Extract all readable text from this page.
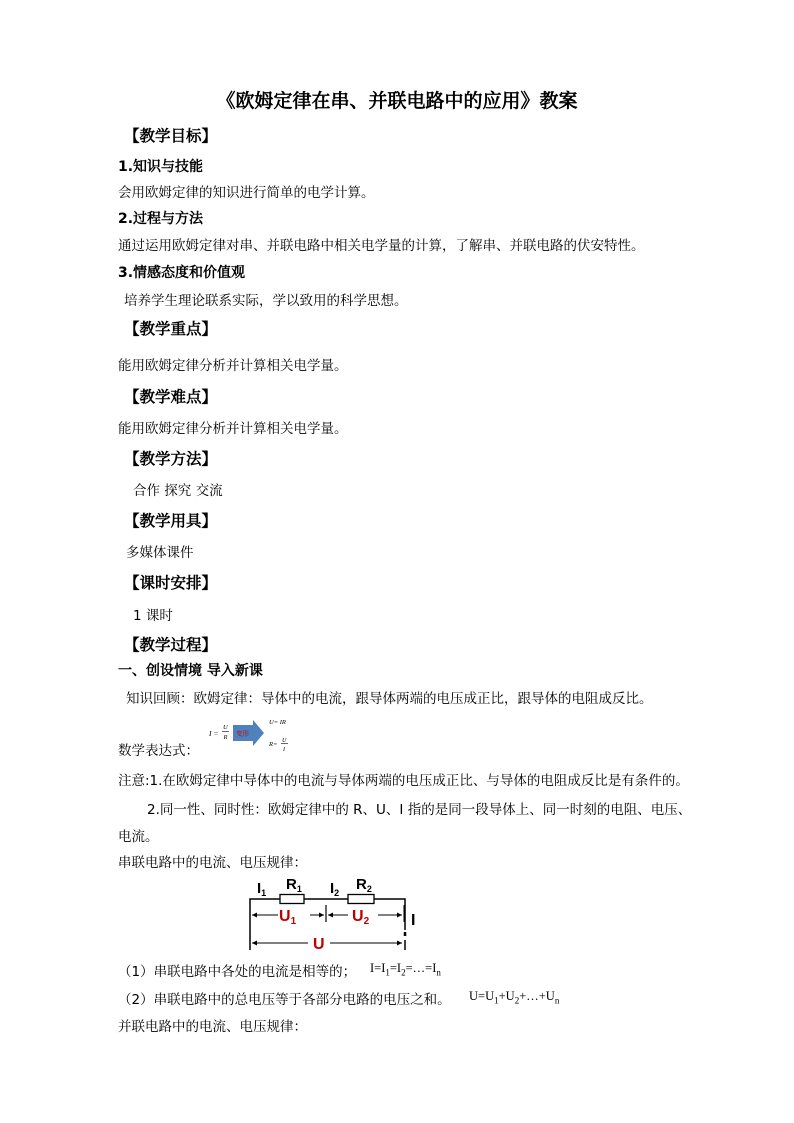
《欧姆定律在串、并联电路中的应用》教案
【教学目标】
1.知识与技能
会用欧姆定律的知识进行简单的电学计算。
2.过程与方法
通过运用欧姆定律对串、并联电路中相关电学量的计算，了解串、并联电路的伏安特性。
3.情感态度和价值观
培养学生理论联系实际，学以致用的科学思想。
【教学重点】
能用欧姆定律分析并计算相关电学量。
【教学难点】
能用欧姆定律分析并计算相关电学量。
【教学方法】
合作 探究 交流
【教学用具】
多媒体课件
【课时安排】
1 课时
【教学过程】
一、创设情境 导入新课
知识回顾：欧姆定律：导体中的电流，跟导体两端的电压成正比，跟导体的电阻成反比。
数学表达式：
I =
U
R 变形
U= IR
R= U
I
注意:1.在欧姆定律中导体中的电流与导体两端的电压成正比、与导体的电阻成反比是有条件的。
2.同一性、同时性：欧姆定律中的 R、U、I 指的是同一段导体上、同一时刻的电阻、电压、
电流。
串联电路中的电流、电压规律：
$I_1$ $R_1$ $I_2$ $R_2$
U1	U2	I
U
（1）串联电路中各处的电流是相等的； $I=I_1=I_2=\dots=I_n$
（2）串联电路中的总电压等于各部分电路的电压之和。 $U=U_1+U_2+\dots+U_n$
并联电路中的电流、电压规律：
